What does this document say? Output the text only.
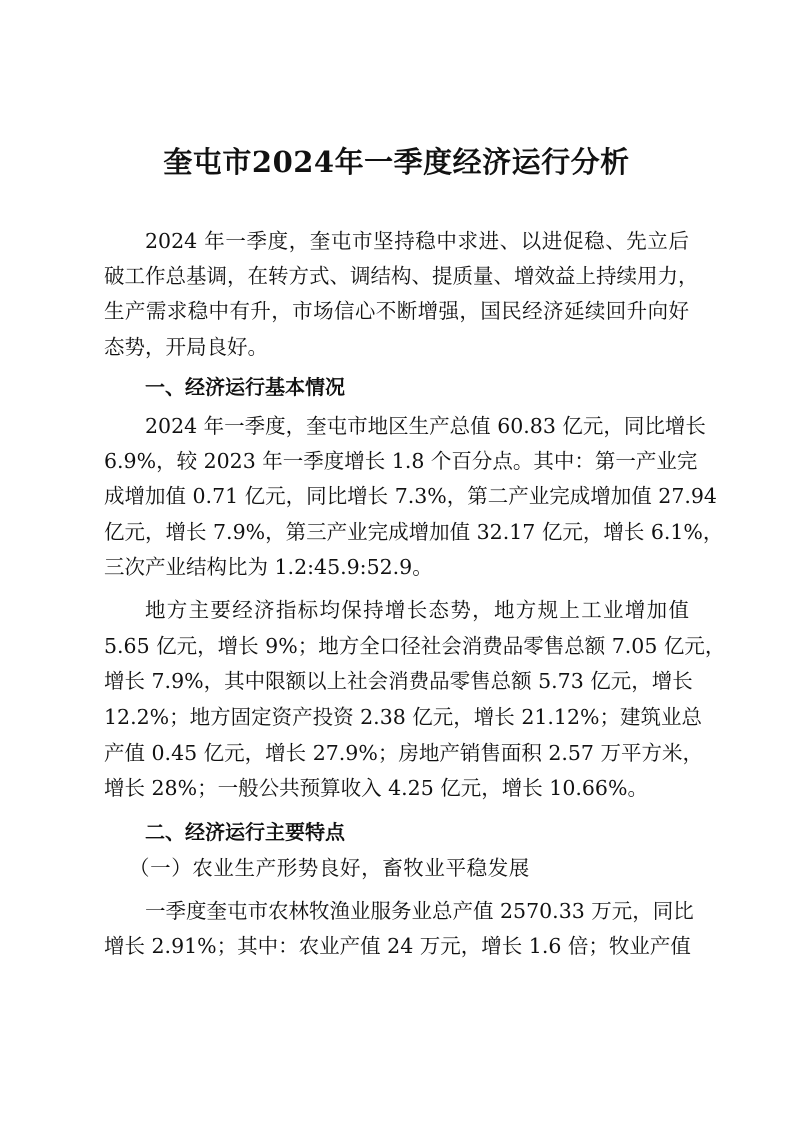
奎屯市2024年一季度经济运行分析
2024 年一季度，奎屯市坚持稳中求进、以进促稳、先立后
破工作总基调，在转方式、调结构、提质量、增效益上持续用力，
生产需求稳中有升，市场信心不断增强，国民经济延续回升向好
态势，开局良好。
一、经济运行基本情况
2024 年一季度，奎屯市地区生产总值 60.83 亿元，同比增长
6.9%，较 2023 年一季度增长 1.8 个百分点。其中：第一产业完
成增加值 0.71 亿元，同比增长 7.3%，第二产业完成增加值 27.94
亿元，增长 7.9%，第三产业完成增加值 32.17 亿元，增长 6.1%，
三次产业结构比为 1.2:45.9:52.9。
地方主要经济指标均保持增长态势，地方规上工业增加值
5.65 亿元，增长 9%；地方全口径社会消费品零售总额 7.05 亿元，
增长 7.9%，其中限额以上社会消费品零售总额 5.73 亿元，增长
12.2%；地方固定资产投资 2.38 亿元，增长 21.12%；建筑业总
产值 0.45 亿元，增长 27.9%；房地产销售面积 2.57 万平方米，
增长 28%；一般公共预算收入 4.25 亿元，增长 10.66%。
二、经济运行主要特点
（一）农业生产形势良好，畜牧业平稳发展
一季度奎屯市农林牧渔业服务业总产值 2570.33 万元，同比
增长 2.91%；其中：农业产值 24 万元，增长 1.6 倍；牧业产值
